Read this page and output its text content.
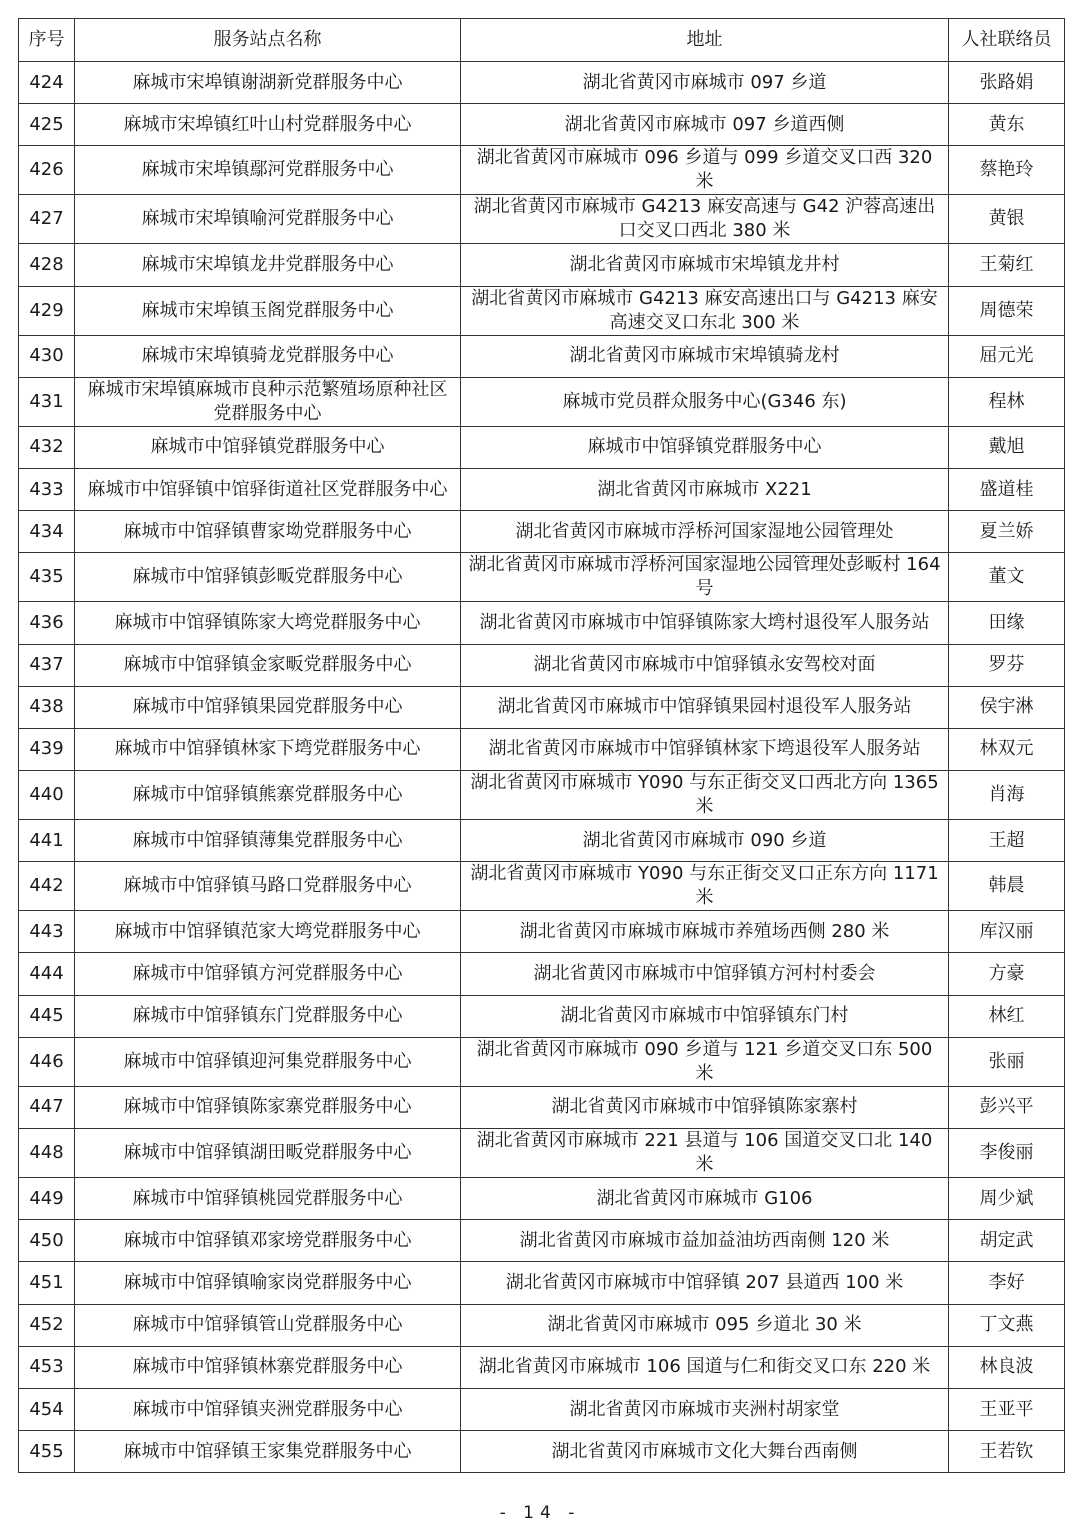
序号	服务站点名称	地址	人社联络员
424	麻城市宋埠镇谢湖新党群服务中心	湖北省黄冈市麻城市 097 乡道	张路娟
425	麻城市宋埠镇红叶山村党群服务中心	湖北省黄冈市麻城市 097 乡道西侧	黄东
426	麻城市宋埠镇鄢河党群服务中心	湖北省黄冈市麻城市 096 乡道与 099 乡道交叉口西 320 米	蔡艳玲
427	麻城市宋埠镇喻河党群服务中心	湖北省黄冈市麻城市 G4213 麻安高速与 G42 沪蓉高速出口交叉口西北 380 米	黄银
428	麻城市宋埠镇龙井党群服务中心	湖北省黄冈市麻城市宋埠镇龙井村	王菊红
429	麻城市宋埠镇玉阁党群服务中心	湖北省黄冈市麻城市 G4213 麻安高速出口与 G4213 麻安高速交叉口东北 300 米	周德荣
430	麻城市宋埠镇骑龙党群服务中心	湖北省黄冈市麻城市宋埠镇骑龙村	屈元光
431	麻城市宋埠镇麻城市良种示范繁殖场原种社区党群服务中心	麻城市党员群众服务中心(G346 东)	程林
432	麻城市中馆驿镇党群服务中心	麻城市中馆驿镇党群服务中心	戴旭
433	麻城市中馆驿镇中馆驿街道社区党群服务中心	湖北省黄冈市麻城市 X221	盛道桂
434	麻城市中馆驿镇曹家坳党群服务中心	湖北省黄冈市麻城市浮桥河国家湿地公园管理处	夏兰娇
435	麻城市中馆驿镇彭畈党群服务中心	湖北省黄冈市麻城市浮桥河国家湿地公园管理处彭畈村 164 号	董文
436	麻城市中馆驿镇陈家大塆党群服务中心	湖北省黄冈市麻城市中馆驿镇陈家大塆村退役军人服务站	田缘
437	麻城市中馆驿镇金家畈党群服务中心	湖北省黄冈市麻城市中馆驿镇永安驾校对面	罗芬
438	麻城市中馆驿镇果园党群服务中心	湖北省黄冈市麻城市中馆驿镇果园村退役军人服务站	侯宇淋
439	麻城市中馆驿镇林家下塆党群服务中心	湖北省黄冈市麻城市中馆驿镇林家下塆退役军人服务站	林双元
440	麻城市中馆驿镇熊寨党群服务中心	湖北省黄冈市麻城市 Y090 与东正街交叉口西北方向 1365 米	肖海
441	麻城市中馆驿镇薄集党群服务中心	湖北省黄冈市麻城市 090 乡道	王超
442	麻城市中馆驿镇马路口党群服务中心	湖北省黄冈市麻城市 Y090 与东正街交叉口正东方向 1171 米	韩晨
443	麻城市中馆驿镇范家大塆党群服务中心	湖北省黄冈市麻城市麻城市养殖场西侧 280 米	库汉丽
444	麻城市中馆驿镇方河党群服务中心	湖北省黄冈市麻城市中馆驿镇方河村村委会	方豪
445	麻城市中馆驿镇东门党群服务中心	湖北省黄冈市麻城市中馆驿镇东门村	林红
446	麻城市中馆驿镇迎河集党群服务中心	湖北省黄冈市麻城市 090 乡道与 121 乡道交叉口东 500 米	张丽
447	麻城市中馆驿镇陈家寨党群服务中心	湖北省黄冈市麻城市中馆驿镇陈家寨村	彭兴平
448	麻城市中馆驿镇湖田畈党群服务中心	湖北省黄冈市麻城市 221 县道与 106 国道交叉口北 140 米	李俊丽
449	麻城市中馆驿镇桃园党群服务中心	湖北省黄冈市麻城市 G106	周少斌
450	麻城市中馆驿镇邓家塝党群服务中心	湖北省黄冈市麻城市益加益油坊西南侧 120 米	胡定武
451	麻城市中馆驿镇喻家岗党群服务中心	湖北省黄冈市麻城市中馆驿镇 207 县道西 100 米	李好
452	麻城市中馆驿镇管山党群服务中心	湖北省黄冈市麻城市 095 乡道北 30 米	丁文燕
453	麻城市中馆驿镇林寨党群服务中心	湖北省黄冈市麻城市 106 国道与仁和街交叉口东 220 米	林良波
454	麻城市中馆驿镇夹洲党群服务中心	湖北省黄冈市麻城市夹洲村胡家堂	王亚平
455	麻城市中馆驿镇王家集党群服务中心	湖北省黄冈市麻城市文化大舞台西南侧	王若钦
- 14 -
